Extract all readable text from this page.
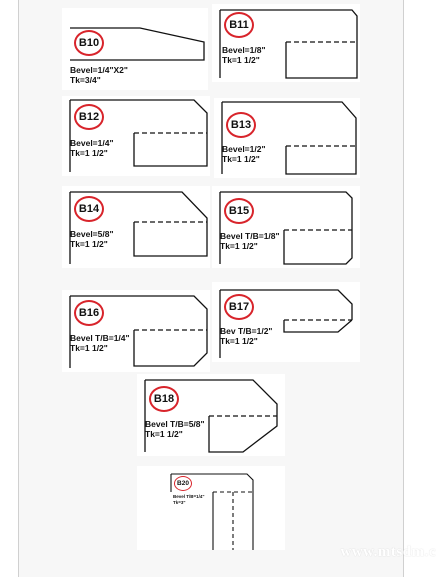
B10
Bevel=1/4"X2"
Tk=3/4"
B11
Bevel=1/8"
Tk=1 1/2"
B12
Bevel=1/4"
Tk=1 1/2"
B13
Bevel=1/2"
Tk=1 1/2"
B14
Bevel=5/8"
Tk=1 1/2"
B15
Bevel T/B=1/8"
Tk=1 1/2"
B16
Bevel T/B=1/4"
Tk=1 1/2"
B17
Bev T/B=1/2"
Tk=1 1/2"
B18
Bevel T/B=5/8"
Tk=1 1/2"
B20
Bevel T/B=1/4"
Tk=3"
www.mtsdm.c
